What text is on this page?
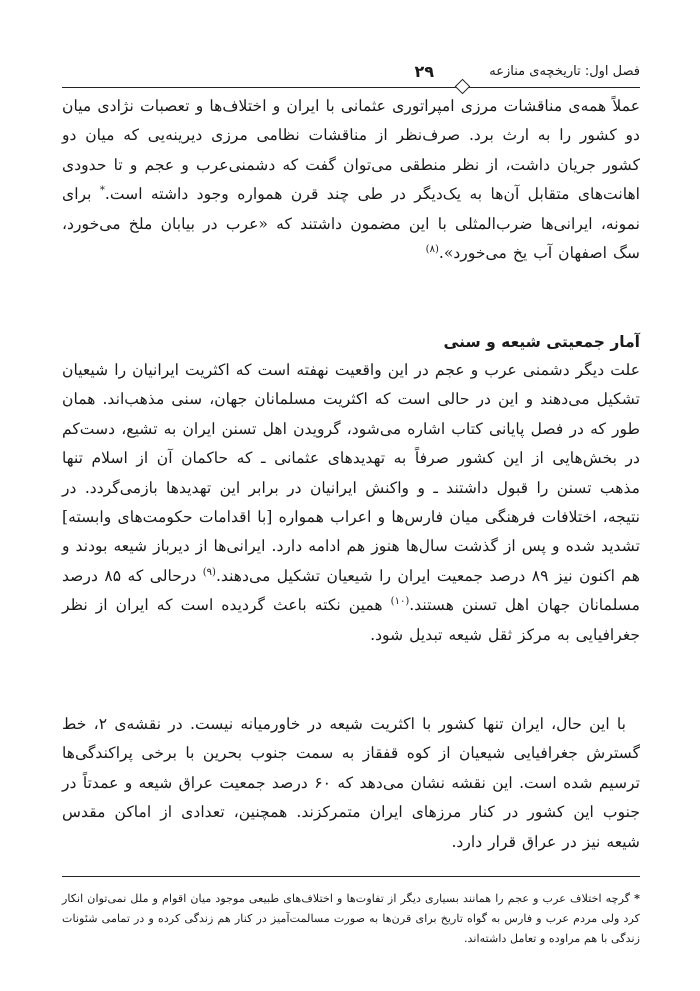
فصل اول: تاریخچه‌ی منازعه
۲۹

عملاً همه‌ی مناقشات مرزی امپراتوری عثمانی با ایران و اختلاف‌ها و تعصبات نژادی میان دو کشور را به ارث برد. صرف‌نظر از مناقشات نظامی مرزی دیرینه‌یی که میان دو کشور جریان داشت، از نظر منطقی می‌توان گفت که دشمنی‌عرب و عجم و تا حدودی اهانت‌های متقابل آن‌ها به یک‌دیگر در طی چند قرن همواره وجود داشته است.* برای نمونه، ایرانی‌ها ضرب‌المثلی با این مضمون داشتند که «عرب در بیابان ملخ می‌خورد، سگ اصفهان آب یخ می‌خورد».$^{(۸)}$

آمار جمعیتی شیعه و سنی

علت دیگر دشمنی عرب و عجم در این واقعیت نهفته است که اکثریت ایرانیان را شیعیان تشکیل می‌دهند و این در حالی است که اکثریت مسلمانان جهان، سنی مذهب‌اند. همان طور که در فصل پایانی کتاب اشاره می‌شود، گرویدن اهل تسنن ایران به تشیع، دست‌کم در بخش‌هایی از این کشور صرفاً به تهدیدهای عثمانی ـ که حاکمان آن از اسلام تنها مذهب تسنن را قبول داشتند ـ و واکنش ایرانیان در برابر این تهدیدها بازمی‌گردد. در نتیجه، اختلافات فرهنگی میان فارس‌ها و اعراب همواره [با اقدامات حکومت‌های وابسته] تشدید شده و پس از گذشت سال‌ها هنوز هم ادامه دارد. ایرانی‌ها از دیرباز شیعه بودند و هم اکنون نیز ۸۹ درصد جمعیت ایران را شیعیان تشکیل می‌دهند.$^{(۹)}$ درحالی که ۸۵ درصد مسلمانان جهان اهل تسنن هستند.$^{(۱۰)}$ همین نکته باعث گردیده است که ایران از نظر جغرافیایی به مرکز ثقل شیعه تبدیل شود.

با این حال، ایران تنها کشور با اکثریت شیعه در خاورمیانه نیست. در نقشه‌ی ۲، خط گسترش جغرافیایی شیعیان از کوه قفقاز به سمت جنوب بحرین با برخی پراکندگی‌ها ترسیم شده است. این نقشه نشان می‌دهد که ۶۰ درصد جمعیت عراق شیعه و عمدتاً در جنوب این کشور در کنار مرزهای ایران متمرکزند. همچنین، تعدادی از اماکن مقدس شیعه نیز در عراق قرار دارد.

* گرچه اختلاف عرب و عجم را همانند بسیاری دیگر از تفاوت‌ها و اختلاف‌های طبیعی موجود میان اقوام و ملل نمی‌توان انکار کرد ولی مردم عرب و فارس به گواه تاریخ برای قرن‌ها به صورت مسالمت‌آمیز در کنار هم زندگی کرده و در تمامی شئونات زندگی با هم مراوده و تعامل داشته‌اند.
